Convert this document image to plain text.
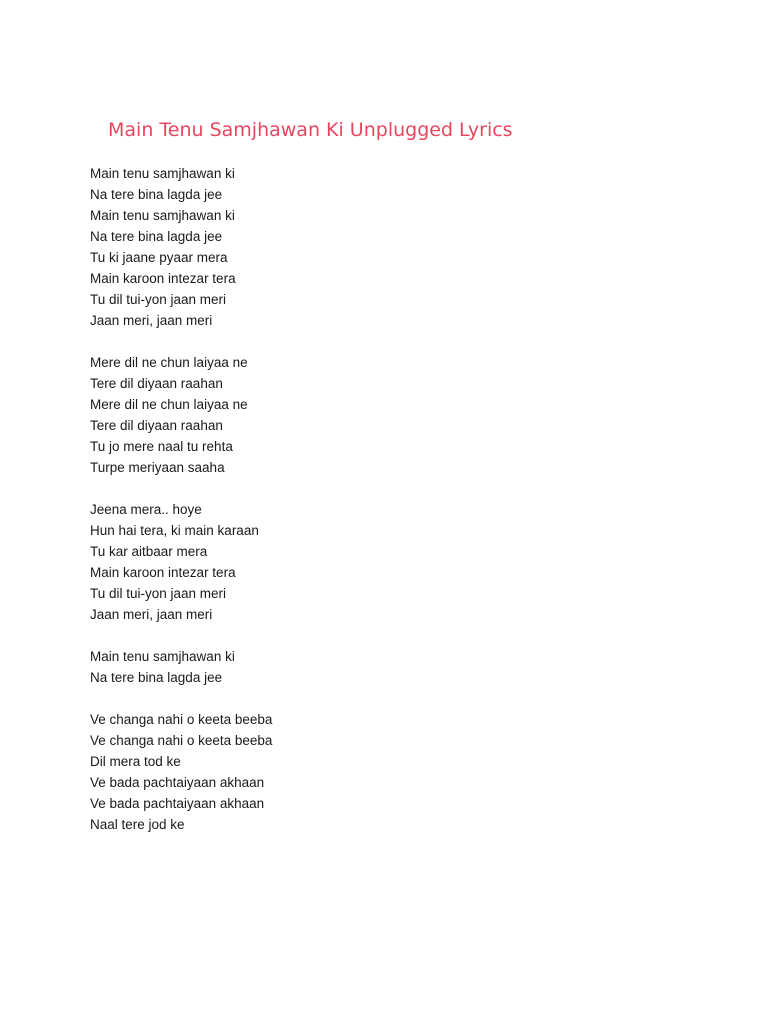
Main Tenu Samjhawan Ki Unplugged Lyrics
Main tenu samjhawan ki
Na tere bina lagda jee
Main tenu samjhawan ki
Na tere bina lagda jee
Tu ki jaane pyaar mera
Main karoon intezar tera
Tu dil tui-yon jaan meri
Jaan meri, jaan meri
Mere dil ne chun laiyaa ne
Tere dil diyaan raahan
Mere dil ne chun laiyaa ne
Tere dil diyaan raahan
Tu jo mere naal tu rehta
Turpe meriyaan saaha
Jeena mera.. hoye
Hun hai tera, ki main karaan
Tu kar aitbaar mera
Main karoon intezar tera
Tu dil tui-yon jaan meri
Jaan meri, jaan meri
Main tenu samjhawan ki
Na tere bina lagda jee
Ve changa nahi o keeta beeba
Ve changa nahi o keeta beeba
Dil mera tod ke
Ve bada pachtaiyaan akhaan
Ve bada pachtaiyaan akhaan
Naal tere jod ke
